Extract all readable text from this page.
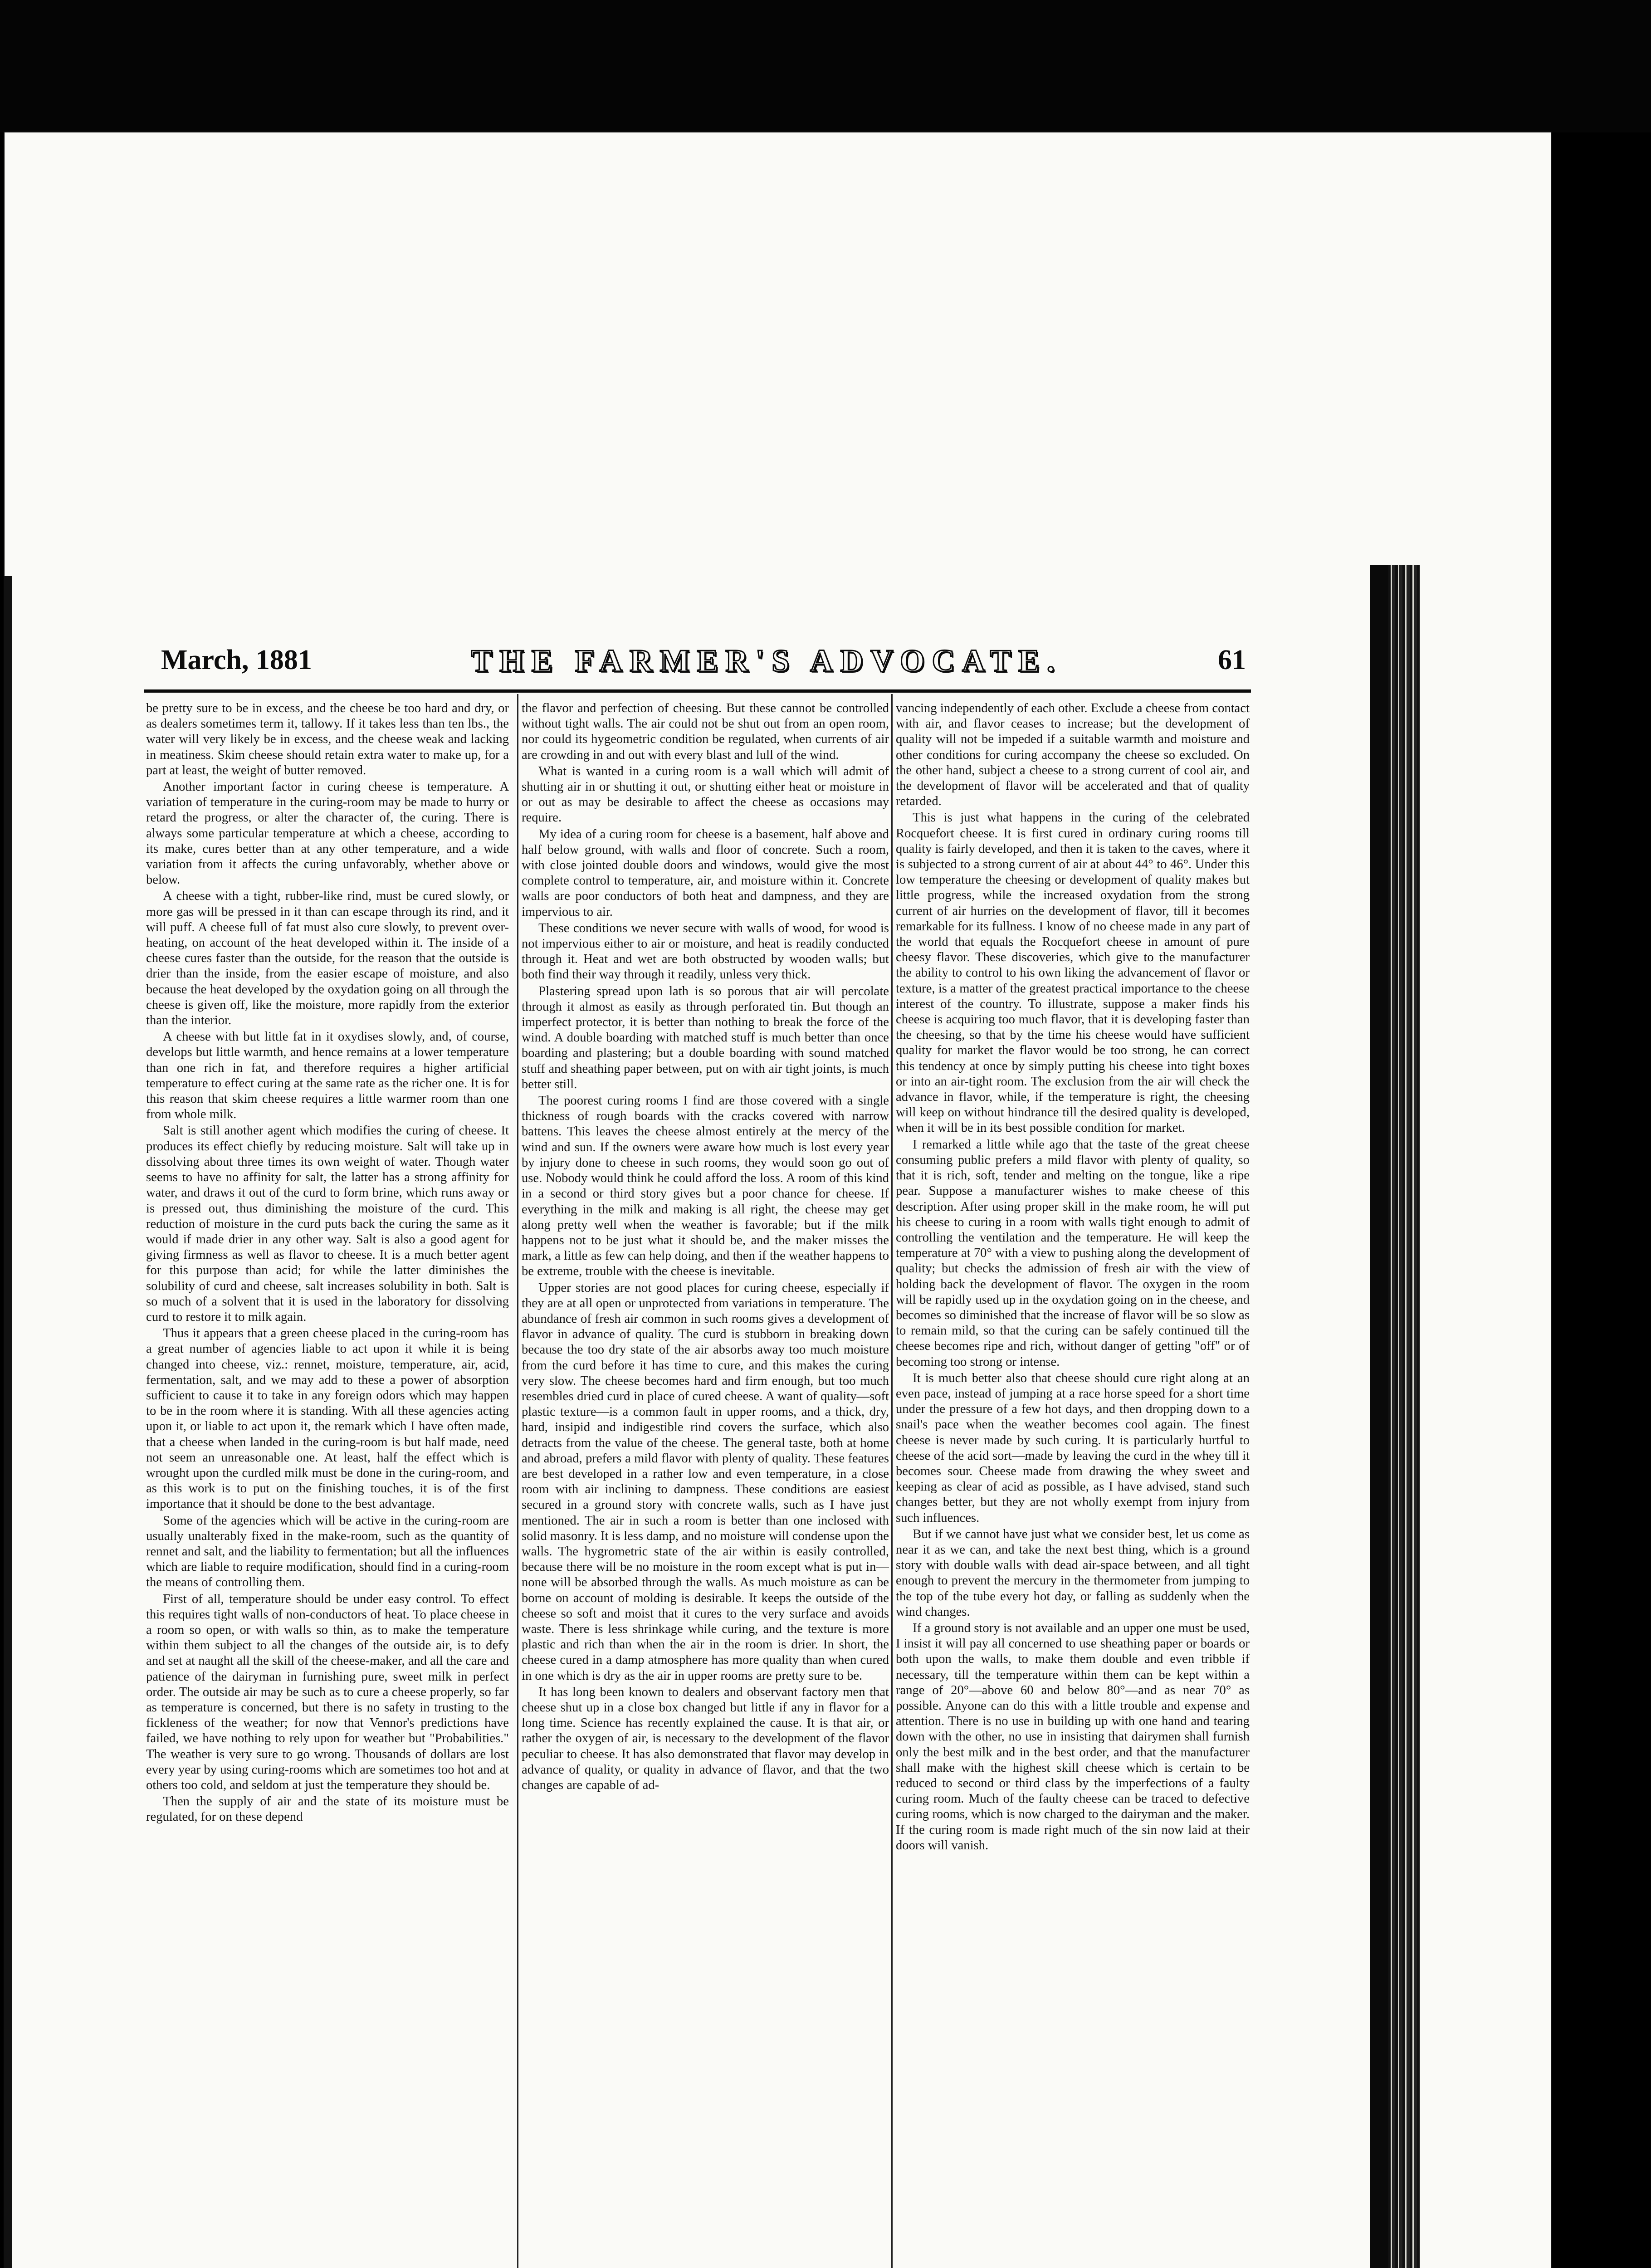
March, 1881	THE FARMER'S ADVOCATE.	61

be pretty sure to be in excess, and the cheese be too hard and dry, or as dealers sometimes term it, tallowy. If it takes less than ten lbs., the water will very likely be in excess, and the cheese weak and lacking in meatiness. Skim cheese should retain extra water to make up, for a part at least, the weight of butter removed.

Another important factor in curing cheese is temperature. A variation of temperature in the curing-room may be made to hurry or retard the progress, or alter the character of, the curing. There is always some particular temperature at which a cheese, according to its make, cures better than at any other temperature, and a wide variation from it affects the curing unfavorably, whether above or below.

A cheese with a tight, rubber-like rind, must be cured slowly, or more gas will be pressed in it than can escape through its rind, and it will puff. A cheese full of fat must also cure slowly, to prevent over-heating, on account of the heat developed within it. The inside of a cheese cures faster than the outside, for the reason that the outside is drier than the inside, from the easier escape of moisture, and also because the heat developed by the oxydation going on all through the cheese is given off, like the moisture, more rapidly from the exterior than the interior.

A cheese with but little fat in it oxydises slowly, and, of course, develops but little warmth, and hence remains at a lower temperature than one rich in fat, and therefore requires a higher artificial temperature to effect curing at the same rate as the richer one. It is for this reason that skim cheese requires a little warmer room than one from whole milk.

Salt is still another agent which modifies the curing of cheese. It produces its effect chiefly by reducing moisture. Salt will take up in dissolving about three times its own weight of water. Though water seems to have no affinity for salt, the latter has a strong affinity for water, and draws it out of the curd to form brine, which runs away or is pressed out, thus diminishing the moisture of the curd. This reduction of moisture in the curd puts back the curing the same as it would if made drier in any other way. Salt is also a good agent for giving firmness as well as flavor to cheese. It is a much better agent for this purpose than acid; for while the latter diminishes the solubility of curd and cheese, salt increases solubility in both. Salt is so much of a solvent that it is used in the laboratory for dissolving curd to restore it to milk again.

Thus it appears that a green cheese placed in the curing-room has a great number of agencies liable to act upon it while it is being changed into cheese, viz.: rennet, moisture, temperature, air, acid, fermentation, salt, and we may add to these a power of absorption sufficient to cause it to take in any foreign odors which may happen to be in the room where it is standing. With all these agencies acting upon it, or liable to act upon it, the remark which I have often made, that a cheese when landed in the curing-room is but half made, need not seem an unreasonable one. At least, half the effect which is wrought upon the curdled milk must be done in the curing-room, and as this work is to put on the finishing touches, it is of the first importance that it should be done to the best advantage.

Some of the agencies which will be active in the curing-room are usually unalterably fixed in the make-room, such as the quantity of rennet and salt, and the liability to fermentation; but all the influences which are liable to require modification, should find in a curing-room the means of controlling them.

First of all, temperature should be under easy control. To effect this requires tight walls of non-conductors of heat. To place cheese in a room so open, or with walls so thin, as to make the temperature within them subject to all the changes of the outside air, is to defy and set at naught all the skill of the cheese-maker, and all the care and patience of the dairyman in furnishing pure, sweet milk in perfect order. The outside air may be such as to cure a cheese properly, so far as temperature is concerned, but there is no safety in trusting to the fickleness of the weather; for now that Vennor's predictions have failed, we have nothing to rely upon for weather but "Probabilities." The weather is very sure to go wrong. Thousands of dollars are lost every year by using curing-rooms which are sometimes too hot and at others too cold, and seldom at just the temperature they should be.

Then the supply of air and the state of its moisture must be regulated, for on these depend

the flavor and perfection of cheesing. But these cannot be controlled without tight walls. The air could not be shut out from an open room, nor could its hygeometric condition be regulated, when currents of air are crowding in and out with every blast and lull of the wind.

What is wanted in a curing room is a wall which will admit of shutting air in or shutting it out, or shutting either heat or moisture in or out as may be desirable to affect the cheese as occasions may require.

My idea of a curing room for cheese is a basement, half above and half below ground, with walls and floor of concrete. Such a room, with close jointed double doors and windows, would give the most complete control to temperature, air, and moisture within it. Concrete walls are poor conductors of both heat and dampness, and they are impervious to air.

These conditions we never secure with walls of wood, for wood is not impervious either to air or moisture, and heat is readily conducted through it. Heat and wet are both obstructed by wooden walls; but both find their way through it readily, unless very thick.

Plastering spread upon lath is so porous that air will percolate through it almost as easily as through perforated tin. But though an imperfect protector, it is better than nothing to break the force of the wind. A double boarding with matched stuff is much better than once boarding and plastering; but a double boarding with sound matched stuff and sheathing paper between, put on with air tight joints, is much better still.

The poorest curing rooms I find are those covered with a single thickness of rough boards with the cracks covered with narrow battens. This leaves the cheese almost entirely at the mercy of the wind and sun. If the owners were aware how much is lost every year by injury done to cheese in such rooms, they would soon go out of use. Nobody would think he could afford the loss. A room of this kind in a second or third story gives but a poor chance for cheese. If everything in the milk and making is all right, the cheese may get along pretty well when the weather is favorable; but if the milk happens not to be just what it should be, and the maker misses the mark, a little as few can help doing, and then if the weather happens to be extreme, trouble with the cheese is inevitable.

Upper stories are not good places for curing cheese, especially if they are at all open or unprotected from variations in temperature. The abundance of fresh air common in such rooms gives a development of flavor in advance of quality. The curd is stubborn in breaking down because the too dry state of the air absorbs away too much moisture from the curd before it has time to cure, and this makes the curing very slow. The cheese becomes hard and firm enough, but too much resembles dried curd in place of cured cheese. A want of quality—soft plastic texture—is a common fault in upper rooms, and a thick, dry, hard, insipid and indigestible rind covers the surface, which also detracts from the value of the cheese. The general taste, both at home and abroad, prefers a mild flavor with plenty of quality. These features are best developed in a rather low and even temperature, in a close room with air inclining to dampness. These conditions are easiest secured in a ground story with concrete walls, such as I have just mentioned. The air in such a room is better than one inclosed with solid masonry. It is less damp, and no moisture will condense upon the walls. The hygrometric state of the air within is easily controlled, because there will be no moisture in the room except what is put in—none will be absorbed through the walls. As much moisture as can be borne on account of molding is desirable. It keeps the outside of the cheese so soft and moist that it cures to the very surface and avoids waste. There is less shrinkage while curing, and the texture is more plastic and rich than when the air in the room is drier. In short, the cheese cured in a damp atmosphere has more quality than when cured in one which is dry as the air in upper rooms are pretty sure to be.

It has long been known to dealers and observant factory men that cheese shut up in a close box changed but little if any in flavor for a long time. Science has recently explained the cause. It is that air, or rather the oxygen of air, is necessary to the development of the flavor peculiar to cheese. It has also demonstrated that flavor may develop in advance of quality, or quality in advance of flavor, and that the two changes are capable of ad-

vancing independently of each other. Exclude a cheese from contact with air, and flavor ceases to increase; but the development of quality will not be impeded if a suitable warmth and moisture and other conditions for curing accompany the cheese so excluded. On the other hand, subject a cheese to a strong current of cool air, and the development of flavor will be accelerated and that of quality retarded.

This is just what happens in the curing of the celebrated Rocquefort cheese. It is first cured in ordinary curing rooms till quality is fairly developed, and then it is taken to the caves, where it is subjected to a strong current of air at about 44° to 46°. Under this low temperature the cheesing or development of quality makes but little progress, while the increased oxydation from the strong current of air hurries on the development of flavor, till it becomes remarkable for its fullness. I know of no cheese made in any part of the world that equals the Rocquefort cheese in amount of pure cheesy flavor. These discoveries, which give to the manufacturer the ability to control to his own liking the advancement of flavor or texture, is a matter of the greatest practical importance to the cheese interest of the country. To illustrate, suppose a maker finds his cheese is acquiring too much flavor, that it is developing faster than the cheesing, so that by the time his cheese would have sufficient quality for market the flavor would be too strong, he can correct this tendency at once by simply putting his cheese into tight boxes or into an air-tight room. The exclusion from the air will check the advance in flavor, while, if the temperature is right, the cheesing will keep on without hindrance till the desired quality is developed, when it will be in its best possible condition for market.

I remarked a little while ago that the taste of the great cheese consuming public prefers a mild flavor with plenty of quality, so that it is rich, soft, tender and melting on the tongue, like a ripe pear. Suppose a manufacturer wishes to make cheese of this description. After using proper skill in the make room, he will put his cheese to curing in a room with walls tight enough to admit of controlling the ventilation and the temperature. He will keep the temperature at 70° with a view to pushing along the development of quality; but checks the admission of fresh air with the view of holding back the development of flavor. The oxygen in the room will be rapidly used up in the oxydation going on in the cheese, and becomes so diminished that the increase of flavor will be so slow as to remain mild, so that the curing can be safely continued till the cheese becomes ripe and rich, without danger of getting "off" or of becoming too strong or intense.

It is much better also that cheese should cure right along at an even pace, instead of jumping at a race horse speed for a short time under the pressure of a few hot days, and then dropping down to a snail's pace when the weather becomes cool again. The finest cheese is never made by such curing. It is particularly hurtful to cheese of the acid sort—made by leaving the curd in the whey till it becomes sour. Cheese made from drawing the whey sweet and keeping as clear of acid as possible, as I have advised, stand such changes better, but they are not wholly exempt from injury from such influences.

But if we cannot have just what we consider best, let us come as near it as we can, and take the next best thing, which is a ground story with double walls with dead air-space between, and all tight enough to prevent the mercury in the thermometer from jumping to the top of the tube every hot day, or falling as suddenly when the wind changes.

If a ground story is not available and an upper one must be used, I insist it will pay all concerned to use sheathing paper or boards or both upon the walls, to make them double and even tribble if necessary, till the temperature within them can be kept within a range of 20°—above 60 and below 80°—and as near 70° as possible. Anyone can do this with a little trouble and expense and attention. There is no use in building up with one hand and tearing down with the other, no use in insisting that dairymen shall furnish only the best milk and in the best order, and that the manufacturer shall make with the highest skill cheese which is certain to be reduced to second or third class by the imperfections of a faulty curing room. Much of the faulty cheese can be traced to defective curing rooms, which is now charged to the dairyman and the maker. If the curing room is made right much of the sin now laid at their doors will vanish.
